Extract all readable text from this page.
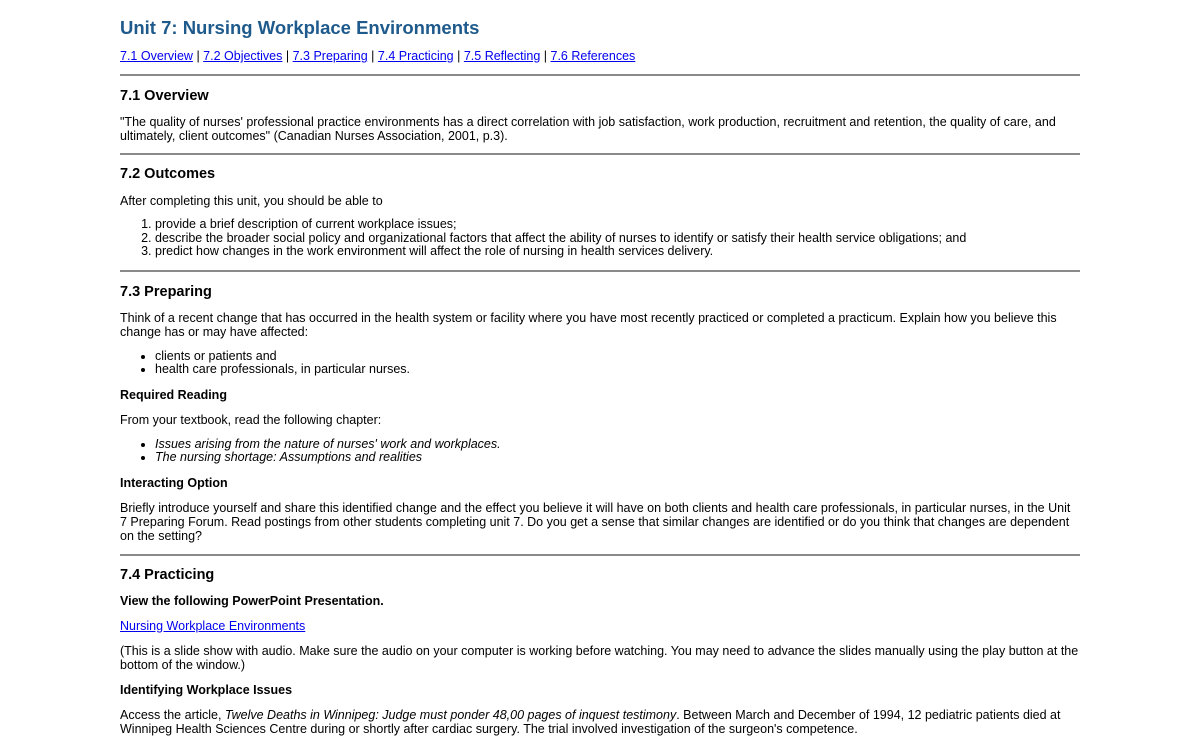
Unit 7: Nursing Workplace Environments
7.1 Overview | 7.2 Objectives | 7.3 Preparing | 7.4 Practicing | 7.5 Reflecting | 7.6 References
7.1 Overview

"The quality of nurses' professional practice environments has a direct correlation with job satisfaction, work production, recruitment and retention, the quality of care, and ultimately, client outcomes" (Canadian Nurses Association, 2001, p.3).

7.2 Outcomes

After completing this unit, you should be able to

1. provide a brief description of current workplace issues;
2. describe the broader social policy and organizational factors that affect the ability of nurses to identify or satisfy their health service obligations; and
3. predict how changes in the work environment will affect the role of nursing in health services delivery.
7.3 Preparing

Think of a recent change that has occurred in the health system or facility where you have most recently practiced or completed a practicum. Explain how you believe this change has or may have affected:

• clients or patients and
• health care professionals, in particular nurses.

Required Reading

From your textbook, read the following chapter:

• Issues arising from the nature of nurses' work and workplaces.
• The nursing shortage: Assumptions and realities

Interacting Option

Briefly introduce yourself and share this identified change and the effect you believe it will have on both clients and health care professionals, in particular nurses, in the Unit 7 Preparing Forum. Read postings from other students completing unit 7. Do you get a sense that similar changes are identified or do you think that changes are dependent on the setting?

7.4 Practicing

View the following PowerPoint Presentation.

Nursing Workplace Environments

(This is a slide show with audio. Make sure the audio on your computer is working before watching. You may need to advance the slides manually using the play button at the bottom of the window.)

Identifying Workplace Issues

Access the article, Twelve Deaths in Winnipeg: Judge must ponder 48,00 pages of inquest testimony. Between March and December of 1994, 12 pediatric patients died at Winnipeg Health Sciences Centre during or shortly after cardiac surgery. The trial involved investigation of the surgeon's competence.
